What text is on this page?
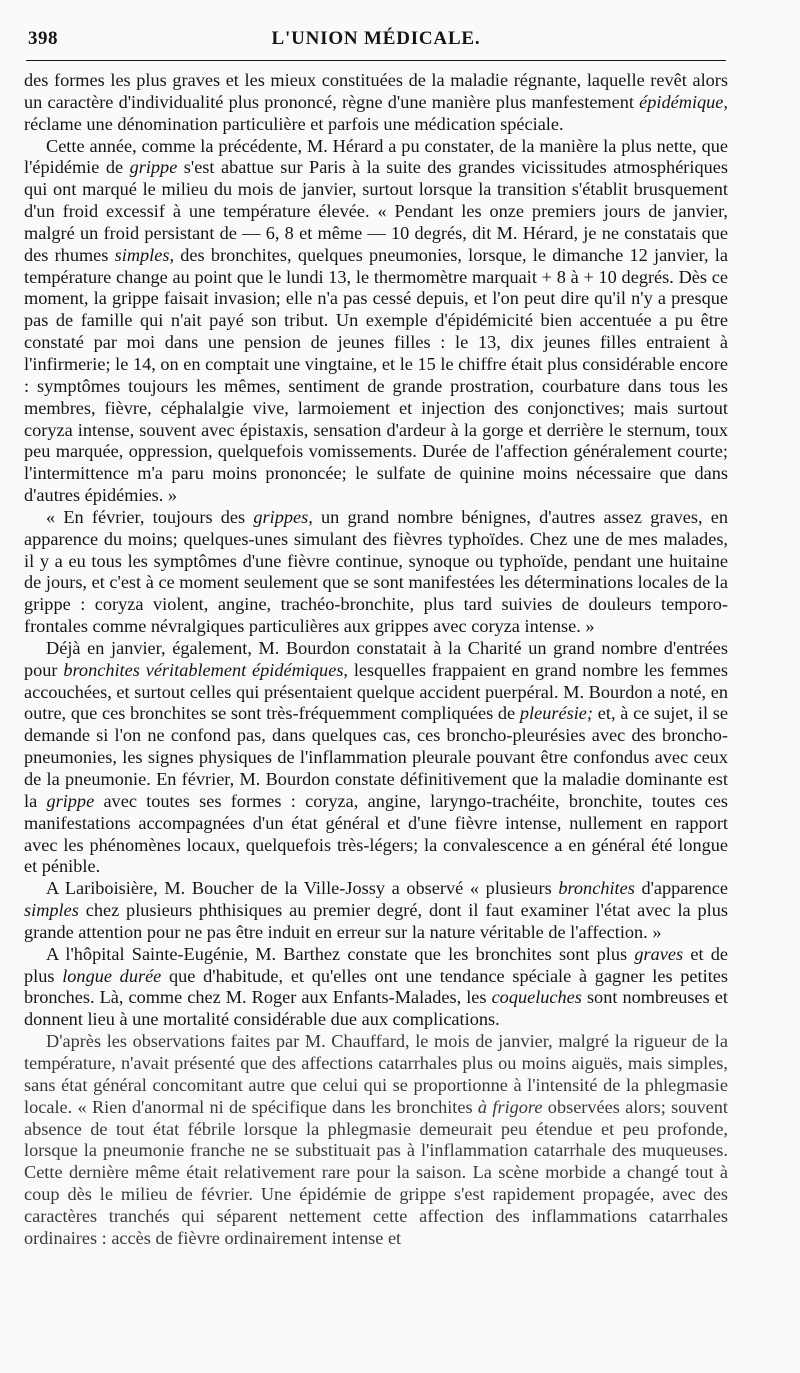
398	L'UNION MÉDICALE.

des formes les plus graves et les mieux constituées de la maladie régnante, laquelle revêt alors un caractère d'individualité plus prononcé, règne d'une manière plus manfestement épidémique, réclame une dénomination particulière et parfois une médication spéciale.

Cette année, comme la précédente, M. Hérard a pu constater, de la manière la plus nette, que l'épidémie de grippe s'est abattue sur Paris à la suite des grandes vicissitudes atmosphériques qui ont marqué le milieu du mois de janvier, surtout lorsque la transition s'établit brusquement d'un froid excessif à une température élevée. « Pendant les onze premiers jours de janvier, malgré un froid persistant de — 6, 8 et même — 10 degrés, dit M. Hérard, je ne constatais que des rhumes simples, des bronchites, quelques pneumonies, lorsque, le dimanche 12 janvier, la température change au point que le lundi 13, le thermomètre marquait + 8 à + 10 degrés. Dès ce moment, la grippe faisait invasion; elle n'a pas cessé depuis, et l'on peut dire qu'il n'y a presque pas de famille qui n'ait payé son tribut. Un exemple d'épidémicité bien accentuée a pu être constaté par moi dans une pension de jeunes filles : le 13, dix jeunes filles entraient à l'infirmerie; le 14, on en comptait une vingtaine, et le 15 le chiffre était plus considérable encore : symptômes toujours les mêmes, sentiment de grande prostration, courbature dans tous les membres, fièvre, céphalalgie vive, larmoiement et injection des conjonctives; mais surtout coryza intense, souvent avec épistaxis, sensation d'ardeur à la gorge et derrière le sternum, toux peu marquée, oppression, quelquefois vomissements. Durée de l'affection généralement courte; l'intermittence m'a paru moins prononcée; le sulfate de quinine moins nécessaire que dans d'autres épidémies. »

« En février, toujours des grippes, un grand nombre bénignes, d'autres assez graves, en apparence du moins; quelques-unes simulant des fièvres typhoïdes. Chez une de mes malades, il y a eu tous les symptômes d'une fièvre continue, synoque ou typhoïde, pendant une huitaine de jours, et c'est à ce moment seulement que se sont manifestées les déterminations locales de la grippe : coryza violent, angine, trachéo-bronchite, plus tard suivies de douleurs temporo-frontales comme névralgiques particulières aux grippes avec coryza intense. »

Déjà en janvier, également, M. Bourdon constatait à la Charité un grand nombre d'entrées pour bronchites véritablement épidémiques, lesquelles frappaient en grand nombre les femmes accouchées, et surtout celles qui présentaient quelque accident puerpéral. M. Bourdon a noté, en outre, que ces bronchites se sont très-fréquemment compliquées de pleurésie; et, à ce sujet, il se demande si l'on ne confond pas, dans quelques cas, ces broncho-pleurésies avec des broncho-pneumonies, les signes physiques de l'inflammation pleurale pouvant être confondus avec ceux de la pneumonie. En février, M. Bourdon constate définitivement que la maladie dominante est la grippe avec toutes ses formes : coryza, angine, laryngo-trachéite, bronchite, toutes ces manifestations accompagnées d'un état général et d'une fièvre intense, nullement en rapport avec les phénomènes locaux, quelquefois très-légers; la convalescence a en général été longue et pénible.

A Lariboisière, M. Boucher de la Ville-Jossy a observé « plusieurs bronchites d'apparence simples chez plusieurs phthisiques au premier degré, dont il faut examiner l'état avec la plus grande attention pour ne pas être induit en erreur sur la nature véritable de l'affection. »

A l'hôpital Sainte-Eugénie, M. Barthez constate que les bronchites sont plus graves et de plus longue durée que d'habitude, et qu'elles ont une tendance spéciale à gagner les petites bronches. Là, comme chez M. Roger aux Enfants-Malades, les coqueluches sont nombreuses et donnent lieu à une mortalité considérable due aux complications.

D'après les observations faites par M. Chauffard, le mois de janvier, malgré la rigueur de la température, n'avait présenté que des affections catarrhales plus ou moins aiguës, mais simples, sans état général concomitant autre que celui qui se proportionne à l'intensité de la phlegmasie locale. « Rien d'anormal ni de spécifique dans les bronchites à frigore observées alors; souvent absence de tout état fébrile lorsque la phlegmasie demeurait peu étendue et peu profonde, lorsque la pneumonie franche ne se substituait pas à l'inflammation catarrhale des muqueuses. Cette dernière même était relativement rare pour la saison. La scène morbide a changé tout à coup dès le milieu de février. Une épidémie de grippe s'est rapidement propagée, avec des caractères tranchés qui séparent nettement cette affection des inflammations catarrhales ordinaires : accès de fièvre ordinairement intense et
